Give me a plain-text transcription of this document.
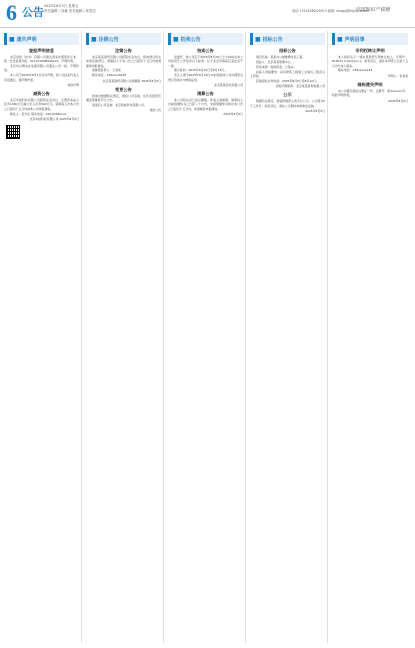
6 公告 2025年8月5日 星期五
责任编辑 / 刘谦 美术编辑 / 孙建光	电话:13116580/25913 邮箱: shagxj@tvjryuw.com
中国知识产权报
■ 遗失声明
登报声明信息

北京金盾（技术）有限公司遗失营业执照原件正本，统一社会信用代码：91110108MA0012X，声明作废。

北京市兴博文化发展有限公司遗失公章一枚，声明作废。

本公司于2025年8月5日对外声明，原公司法定代表人印章遗失，现声明作废。

特此声明
减资公告

北京华信科技有限公司经股东会决议，注册资本由人民币1000万元减少至人民币500万元。请债权人自本公告之日起四十五日内向本公司申报债权。

联系人：张先生 联系电话：010-6258xxxx

北京华信科技有限公司 2025年8月5日
■ 注销公告
注销公告

北京某某商贸有限公司经股东会决议，拟向登记机关申请注销登记，请债权人于本公告之日起四十五日内向清算组申报债权。

清算组负责人：王某某

联系电话：138xxxx5678

北京某某商贸有限公司清算组 2025年8月5日
变更公告

我单位根据相关规定，现将公司名称、住所及经营范围变更事项予以公告。

变更后公司名称：北京新能科技有限公司。

特此公告
■ 拍卖公告
拍卖公告

受委托，我公司定于2025年8月20日上午10时在本公司拍卖厅公开拍卖以下标的：位于北京市海淀区某处房产一套。

展示时间：2025年8月15日至8月19日。

竞买人须于2025年8月19日17时前到本公司办理竞买登记手续并交纳保证金。

北京某某拍卖有限公司
清算公告

本公司股东会已决议解散，并成立清算组。请债权人自接到通知书之日起三十日内，未接到通知书的自本公告之日起四十五日内，向清算组申报债权。

2025年8月5日
■ 招标公告
招标公告

项目名称：某某办公楼维修改造工程。

招标人：北京某某管理中心。

资金来源：财政资金，已落实。

投标人资格要求：具有建筑工程施工总承包三级及以上资质。

获取招标文件时间：2025年8月6日至8月12日。

招标代理机构：北京某某咨询有限公司
公示

根据有关规定，现将拟推荐人选予以公示，公示期为5个工作日。如有异议，请在公示期内向我单位反映。

2025年8月5日
■ 声明启事
专利权转让声明

本人拟将名下一项实用新型专利转让他人，专利号：ZL2023 2 0xxxxxx.x。如有异议，请自本声明之日起十五日内与本人联系。

联系电话：139xxxx1234

声明人：李某某
商标遗失声明

本公司遗失商标注册证一份，注册号：第3xxxxxx号，特此声明作废。

2025年8月5日
